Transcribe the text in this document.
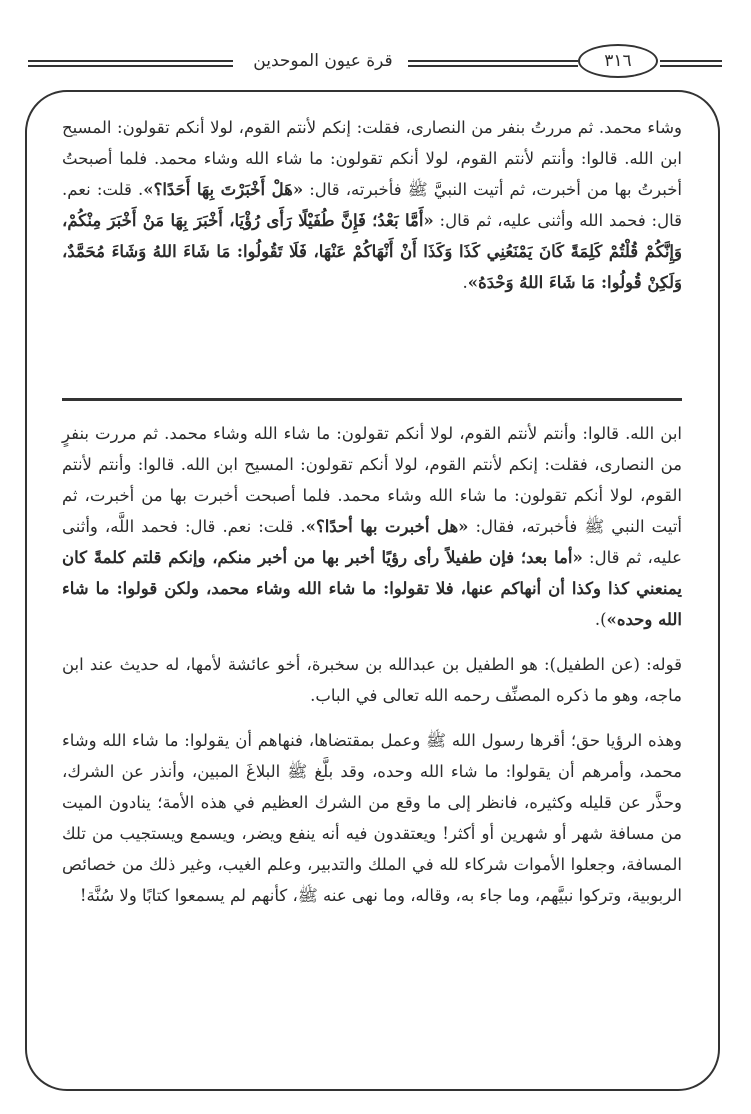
قرة عيون الموحدين	٣١٦

وشاء محمد. ثم مررتُ بنفر من النصارى، فقلت: إنكم لأنتم القوم، لولا أنكم تقولون: المسيح ابن الله. قالوا: وأنتم لأنتم القوم، لولا أنكم تقولون: ما شاء الله وشاء محمد. فلما أصبحتُ أخبرتُ بها من أخبرت، ثم أتيت النبيَّ ﷺ فأخبرته، قال: «هَلْ أَخْبَرْتَ بِهَا أَحَدًا؟». قلت: نعم. قال: فحمد الله وأثنى عليه، ثم قال: «أَمَّا بَعْدُ؛ فَإِنَّ طُفَيْلًا رَأَى رُؤْيَا، أَخْبَرَ بِهَا مَنْ أَخْبَرَ مِنْكُمْ، وَإِنَّكُمْ قُلْتُمْ كَلِمَةً كَانَ يَمْنَعُنِي كَذَا وَكَذَا أَنْ أَنْهَاكُمْ عَنْهَا، فَلَا تَقُولُوا: مَا شَاءَ اللهُ وَشَاءَ مُحَمَّدٌ، وَلَكِنْ قُولُوا: مَا شَاءَ اللهُ وَحْدَهُ».

ابن الله. قالوا: وأنتم لأنتم القوم، لولا أنكم تقولون: ما شاء الله وشاء محمد. ثم مررت بنفرٍ من النصارى، فقلت: إنكم لأنتم القوم، لولا أنكم تقولون: المسيح ابن الله. قالوا: وأنتم لأنتم القوم، لولا أنكم تقولون: ما شاء الله وشاء محمد. فلما أصبحت أخبرت بها من أخبرت، ثم أتيت النبي ﷺ فأخبرته، فقال: «هل أخبرت بها أحدًا؟». قلت: نعم. قال: فحمد اللَّه، وأثنى عليه، ثم قال: «أما بعد؛ فإن طفيلاً رأى رؤيًا أخبر بها من أخبر منكم، وإنكم قلتم كلمةً كان يمنعني كذا وكذا أن أنهاكم عنها، فلا تقولوا: ما شاء الله وشاء محمد، ولكن قولوا: ما شاء الله وحده»).

قوله: (عن الطفيل): هو الطفيل بن عبدالله بن سخبرة، أخو عائشة لأمها، له حديث عند ابن ماجه، وهو ما ذكره المصنِّف رحمه الله تعالى في الباب.

وهذه الرؤيا حق؛ أقرها رسول الله ﷺ وعمل بمقتضاها، فنهاهم أن يقولوا: ما شاء الله وشاء محمد، وأمرهم أن يقولوا: ما شاء الله وحده، وقد بلَّغ ﷺ البلاغَ المبين، وأنذر عن الشرك، وحذَّر عن قليله وكثيره، فانظر إلى ما وقع من الشرك العظيم في هذه الأمة؛ ينادون الميت من مسافة شهر أو شهرين أو أكثر! ويعتقدون فيه أنه ينفع ويضر، ويسمع ويستجيب من تلك المسافة، وجعلوا الأموات شركاء لله في الملك والتدبير، وعلم الغيب، وغير ذلك من خصائص الربوبية، وتركوا نبيَّهم، وما جاء به، وقاله، وما نهى عنه ﷺ، كأنهم لم يسمعوا كتابًا ولا سُنَّة!
